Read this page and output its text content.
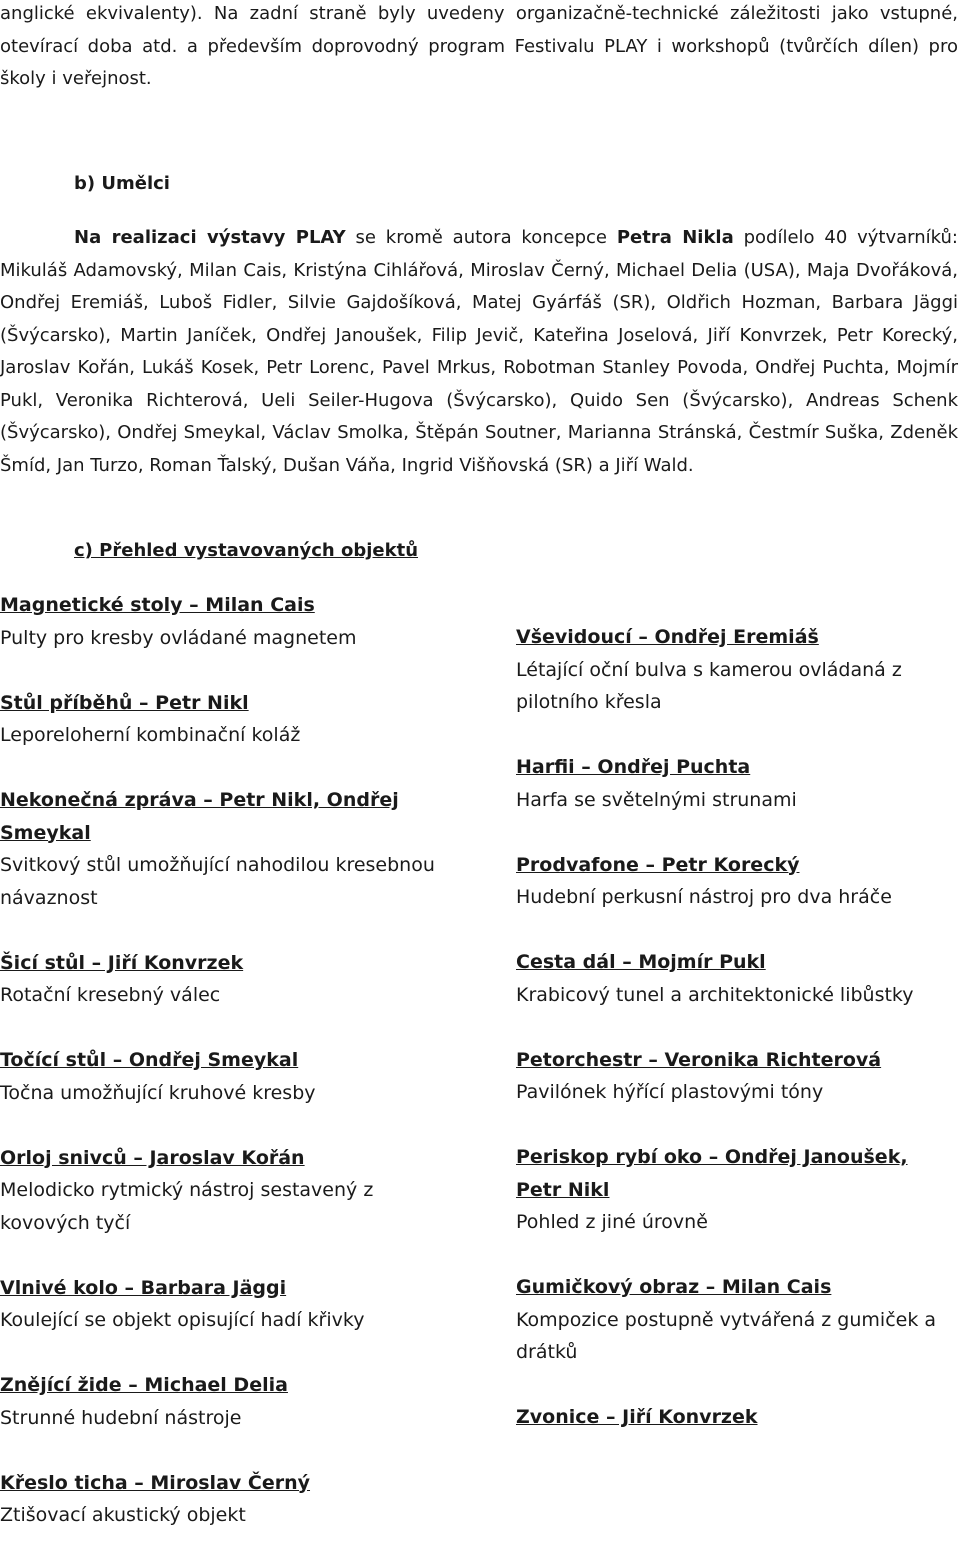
anglické ekvivalenty). Na zadní straně byly uvedeny organizačně-technické záležitosti jako vstupné, otevírací doba atd. a především doprovodný program Festivalu PLAY i workshopů (tvůrčích dílen) pro školy i veřejnost.

b) Umělci

Na realizaci výstavy PLAY se kromě autora koncepce Petra Nikla podílelo 40 výtvarníků: Mikuláš Adamovský, Milan Cais, Kristýna Cihlářová, Miroslav Černý, Michael Delia (USA), Maja Dvořáková, Ondřej Eremiáš, Luboš Fidler, Silvie Gajdošíková, Matej Gyárfáš (SR), Oldřich Hozman, Barbara Jäggi (Švýcarsko), Martin Janíček, Ondřej Janoušek, Filip Jevič, Kateřina Joselová, Jiří Konvrzek, Petr Korecký, Jaroslav Kořán, Lukáš Kosek, Petr Lorenc, Pavel Mrkus, Robotman Stanley Povoda, Ondřej Puchta, Mojmír Pukl, Veronika Richterová, Ueli Seiler-Hugova (Švýcarsko), Quido Sen (Švýcarsko), Andreas Schenk (Švýcarsko), Ondřej Smeykal, Václav Smolka, Štěpán Soutner, Marianna Stránská, Čestmír Suška, Zdeněk Šmíd, Jan Turzo, Roman Ťalský, Dušan Váňa, Ingrid Višňovská (SR) a Jiří Wald.

c) Přehled vystavovaných objektů

Magnetické stoly – Milan Cais
Pulty pro kresby ovládané magnetem
Stůl příběhů – Petr Nikl
Leporeloherní kombinační koláž
Nekonečná zpráva – Petr Nikl, Ondřej Smeykal
Svitkový stůl umožňující nahodilou kresebnou návaznost
Šicí stůl – Jiří Konvrzek
Rotační kresebný válec
Točící stůl – Ondřej Smeykal
Točna umožňující kruhové kresby
Orloj snivců – Jaroslav Kořán
Melodicko rytmický nástroj sestavený z kovových tyčí
Vlnivé kolo – Barbara Jäggi
Koulející se objekt opisující hadí křivky
Znějící žide – Michael Delia
Strunné hudební nástroje
Křeslo ticha – Miroslav Černý
Ztišovací akustický objekt
Vševidoucí – Ondřej Eremiáš
Létající oční bulva s kamerou ovládaná z pilotního křesla
Harfii – Ondřej Puchta
Harfa se světelnými strunami
Prodvafone – Petr Korecký
Hudební perkusní nástroj pro dva hráče
Cesta dál – Mojmír Pukl
Krabicový tunel a architektonické libůstky
Petorchestr – Veronika Richterová
Pavilónek hýřící plastovými tóny
Periskop rybí oko – Ondřej Janoušek, Petr Nikl
Pohled z jiné úrovně
Gumičkový obraz – Milan Cais
Kompozice postupně vytvářená z gumiček a drátků
Zvonice – Jiří Konvrzek
